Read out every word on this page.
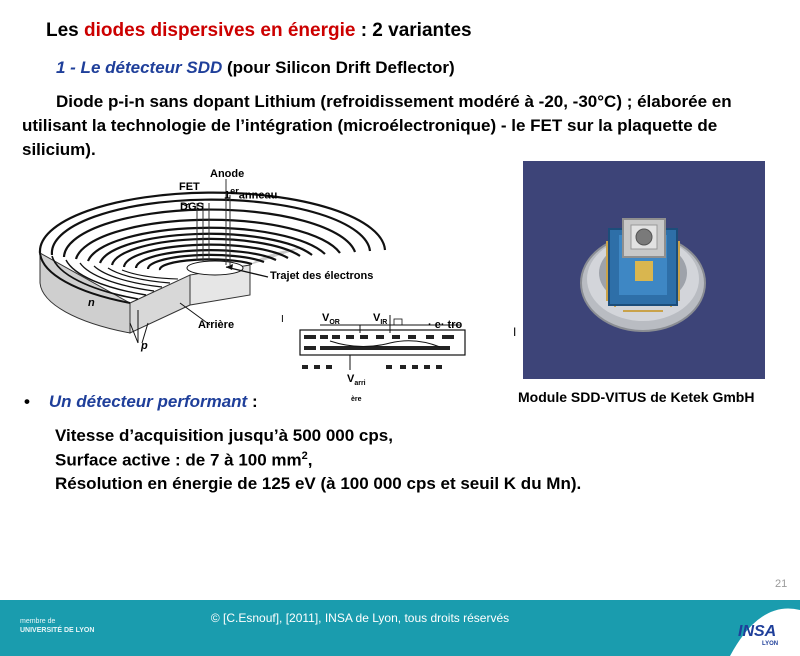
Les diodes dispersives en énergie : 2 variantes
1 - Le détecteur SDD (pour Silicon Drift Deflector)
Diode p-i-n sans dopant Lithium (refroidissement modéré à -20, -30°C) ; élaborée en utilisant la technologie de l’intégration (microélectronique) - le FET sur la plaquette de silicium).
FET
⏟
DGS
Anode
1eranneau
Trajet des électrons
n
p
Arrière	I	$V_{OR}$	$V_{IR}$	· e· tro	I
$V_{arri}$
ère	Module SDD-VITUS de Ketek GmbH
•    Un détecteur performant :
Vitesse d’acquisition jusqu’à 500 000 cps,
Surface active : de 7 à 100 $mm^2$,
Résolution en énergie de 125 eV (à 100 000 cps et seuil K du Mn).
21
membre de
UNIVERSITÉ DE LYON
© [C.Esnouf], [2011], INSA de Lyon, tous droits réservés
INSA
LYON
